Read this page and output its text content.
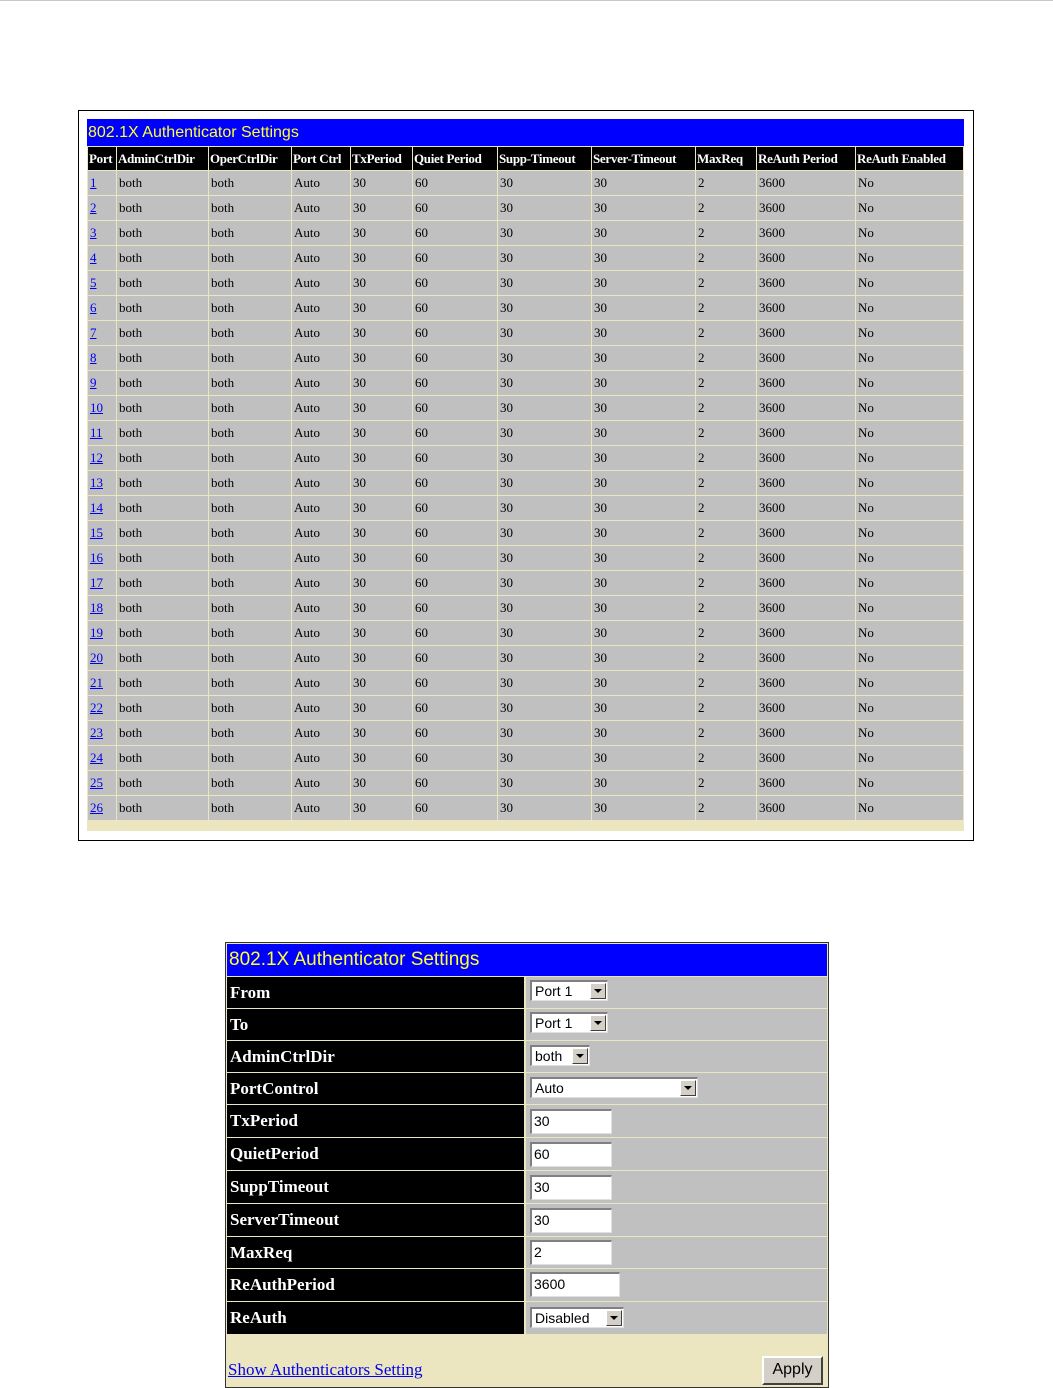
802.1X Authenticator Settings
Port	AdminCtrlDir	OperCtrlDir	Port Ctrl	TxPeriod	Quiet Period	Supp-Timeout	Server-Timeout	MaxReq	ReAuth Period	ReAuth Enabled
1	both	both	Auto	30	60	30	30	2	3600	No
2	both	both	Auto	30	60	30	30	2	3600	No
3	both	both	Auto	30	60	30	30	2	3600	No
4	both	both	Auto	30	60	30	30	2	3600	No
5	both	both	Auto	30	60	30	30	2	3600	No
6	both	both	Auto	30	60	30	30	2	3600	No
7	both	both	Auto	30	60	30	30	2	3600	No
8	both	both	Auto	30	60	30	30	2	3600	No
9	both	both	Auto	30	60	30	30	2	3600	No
10	both	both	Auto	30	60	30	30	2	3600	No
11	both	both	Auto	30	60	30	30	2	3600	No
12	both	both	Auto	30	60	30	30	2	3600	No
13	both	both	Auto	30	60	30	30	2	3600	No
14	both	both	Auto	30	60	30	30	2	3600	No
15	both	both	Auto	30	60	30	30	2	3600	No
16	both	both	Auto	30	60	30	30	2	3600	No
17	both	both	Auto	30	60	30	30	2	3600	No
18	both	both	Auto	30	60	30	30	2	3600	No
19	both	both	Auto	30	60	30	30	2	3600	No
20	both	both	Auto	30	60	30	30	2	3600	No
21	both	both	Auto	30	60	30	30	2	3600	No
22	both	both	Auto	30	60	30	30	2	3600	No
23	both	both	Auto	30	60	30	30	2	3600	No
24	both	both	Auto	30	60	30	30	2	3600	No
25	both	both	Auto	30	60	30	30	2	3600	No
26	both	both	Auto	30	60	30	30	2	3600	No
802.1X Authenticator Settings
From	Port 1
To	Port 1
AdminCtrlDir	both
PortControl	Auto
TxPeriod	30
QuietPeriod	60
SuppTimeout	30
ServerTimeout	30
MaxReq	2
ReAuthPeriod	3600
ReAuth	Disabled
Show Authenticators Setting	Apply
